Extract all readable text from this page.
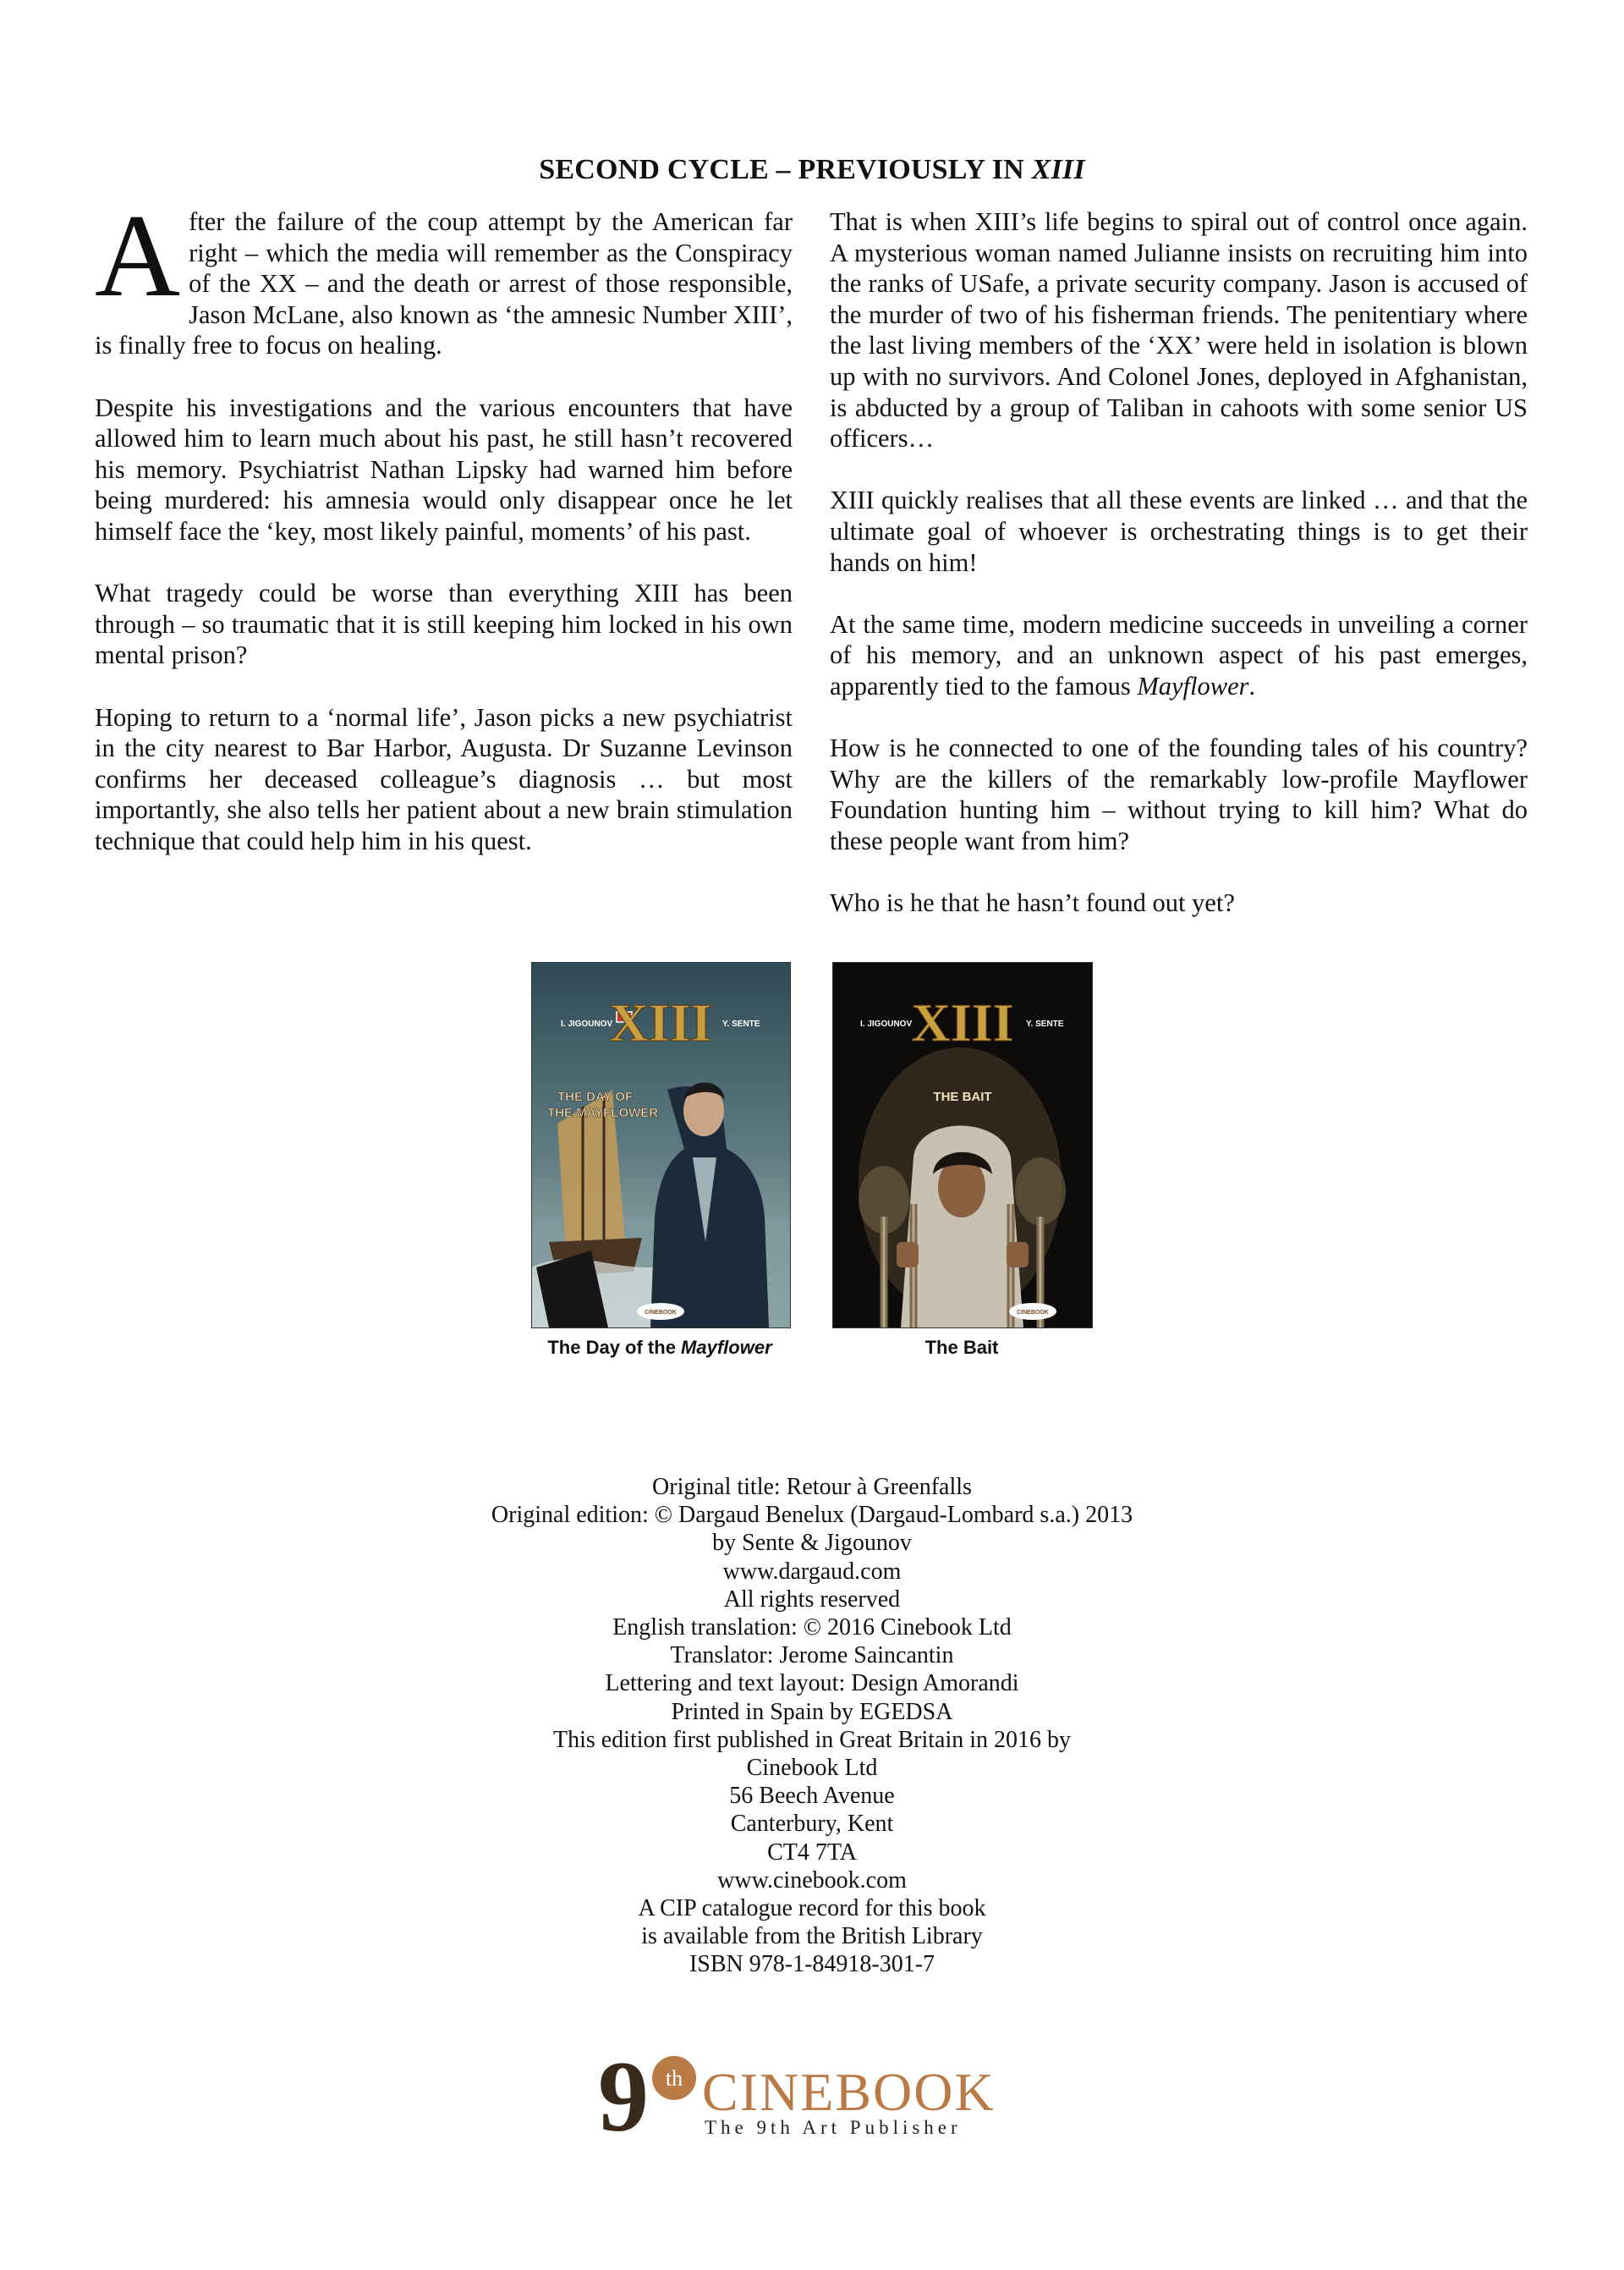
SECOND CYCLE – PREVIOUSLY IN XIII

After the failure of the coup attempt by the American far right – which the media will remember as the Conspiracy of the XX – and the death or arrest of those responsible, Jason McLane, also known as ‘the amnesic Number XIII’, is finally free to focus on healing.

Despite his investigations and the various encounters that have allowed him to learn much about his past, he still hasn’t recovered his memory. Psychiatrist Nathan Lipsky had warned him before being murdered: his amnesia would only disappear once he let himself face the ‘key, most likely painful, moments’ of his past.

What tragedy could be worse than everything XIII has been through – so traumatic that it is still keeping him locked in his own mental prison?

Hoping to return to a ‘normal life’, Jason picks a new psychiatrist in the city nearest to Bar Harbor, Augusta. Dr Suzanne Levinson confirms her deceased colleague’s diagnosis … but most importantly, she also tells her patient about a new brain stimulation technique that could help him in his quest.

That is when XIII’s life begins to spiral out of control once again. A mysterious woman named Julianne insists on recruiting him into the ranks of USafe, a private security company. Jason is accused of the murder of two of his fisherman friends. The penitentiary where the last living members of the ‘XX’ were held in isolation is blown up with no survivors. And Colonel Jones, deployed in Afghanistan, is abducted by a group of Taliban in cahoots with some senior US officers…

XIII quickly realises that all these events are linked … and that the ultimate goal of whoever is orchestrating things is to get their hands on him!

At the same time, modern medicine succeeds in unveiling a corner of his memory, and an unknown aspect of his past emerges, apparently tied to the famous Mayflower.

How is he connected to one of the founding tales of his country? Why are the killers of the remarkably low-profile Mayflower Foundation hunting him – without trying to kill him? What do these people want from him?

Who is he that he hasn’t found out yet?

I. JIGOUNOV	Y. SENTE
XIII
THE DAY OF
THE MAYFLOWER
CINEBOOK
The Day of the Mayflower
I. JIGOUNOV	Y. SENTE
XIII
THE BAIT
CINEBOOK
The Bait
Original title: Retour à Greenfalls
Original edition: © Dargaud Benelux (Dargaud-Lombard s.a.) 2013
by Sente & Jigounov
www.dargaud.com
All rights reserved
English translation: © 2016 Cinebook Ltd
Translator: Jerome Saincantin
Lettering and text layout: Design Amorandi
Printed in Spain by EGEDSA
This edition first published in Great Britain in 2016 by
Cinebook Ltd
56 Beech Avenue
Canterbury, Kent
CT4 7TA
www.cinebook.com
A CIP catalogue record for this book
is available from the British Library
ISBN 978-1-84918-301-7
th
9 CINEBOOK
The 9th Art Publisher
